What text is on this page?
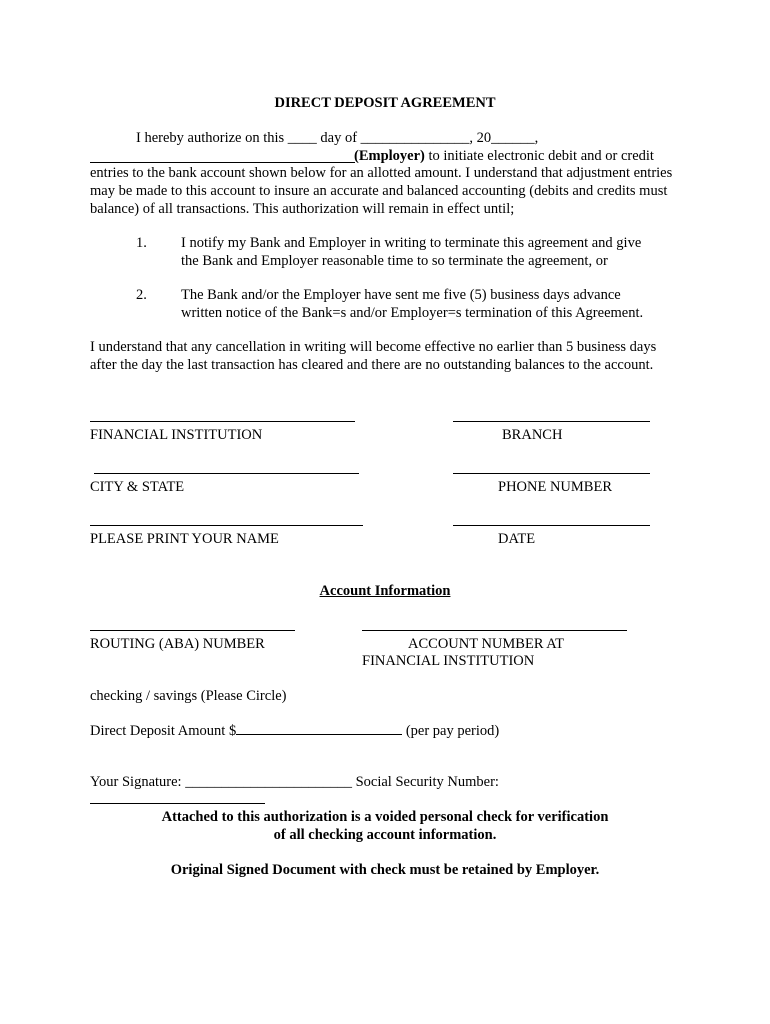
DIRECT DEPOSIT AGREEMENT
I hereby authorize on this ____ day of _______________, 20______,
(Employer) to initiate electronic debit and or credit
entries to the bank account shown below for an allotted amount. I understand that adjustment entries may be made to this account to insure an accurate and balanced accounting (debits and credits must balance) of all transactions. This authorization will remain in effect until;
1. I notify my Bank and Employer in writing to terminate this agreement and give
the Bank and Employer reasonable time to so terminate the agreement, or
2. The Bank and/or the Employer have sent me five (5) business days advance
written notice of the Bank=s and/or Employer=s termination of this Agreement.
I understand that any cancellation in writing will become effective no earlier than 5 business days after the day the last transaction has cleared and there are no outstanding balances to the account.
FINANCIAL INSTITUTION	BRANCH
CITY & STATE	PHONE NUMBER
PLEASE PRINT YOUR NAME	DATE
Account Information
ROUTING (ABA) NUMBER	ACCOUNT NUMBER AT
FINANCIAL INSTITUTION
checking / savings (Please Circle)
Direct Deposit Amount $	(per pay period)
Your Signature: _______________________ Social Security Number:
Attached to this authorization is a voided personal check for verification
of all checking account information.
Original Signed Document with check must be retained by Employer.
